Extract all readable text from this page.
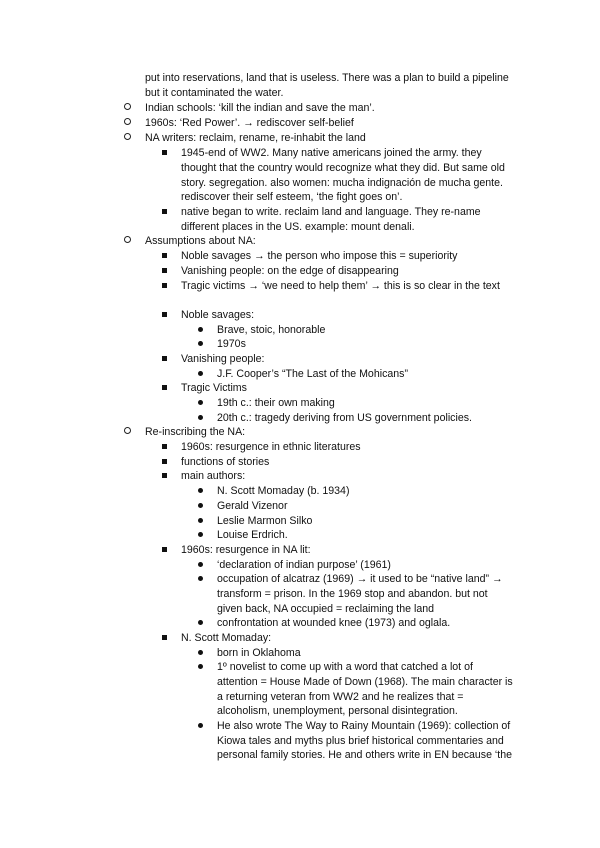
put into reservations, land that is useless. There was a plan to build a pipeline
but it contaminated the water.
Indian schools: ‘kill the indian and save the man’.
1960s: ‘Red Power’. → rediscover self-belief
NA writers: reclaim, rename, re-inhabit the land
1945-end of WW2. Many native americans joined the army. they
thought that the country would recognize what they did. But same old
story. segregation. also women: mucha indignación de mucha gente.
rediscover their self esteem, ‘the fight goes on’.
native began to write. reclaim land and language. They re-name
different places in the US. example: mount denali.
Assumptions about NA:
Noble savages → the person who impose this = superiority
Vanishing people: on the edge of disappearing
Tragic victims → ‘we need to help them’ → this is so clear in the text
Noble savages:
Brave, stoic, honorable
1970s
Vanishing people:
J.F. Cooper’s “The Last of the Mohicans”
Tragic Victims
19th c.: their own making
20th c.: tragedy deriving from US government policies.
Re-inscribing the NA:
1960s: resurgence in ethnic literatures
functions of stories
main authors:
N. Scott Momaday (b. 1934)
Gerald Vizenor
Leslie Marmon Silko
Louise Erdrich.
1960s: resurgence in NA lit:
‘declaration of indian purpose’ (1961)
occupation of alcatraz (1969) → it used to be “native land” →
transform = prison. In the 1969 stop and abandon. but not
given back, NA occupied = reclaiming the land
confrontation at wounded knee (1973) and oglala.
N. Scott Momaday:
born in Oklahoma
1º novelist to come up with a word that catched a lot of
attention = House Made of Down (1968). The main character is
a returning veteran from WW2 and he realizes that =
alcoholism, unemployment, personal disintegration.
He also wrote The Way to Rainy Mountain (1969): collection of
Kiowa tales and myths plus brief historical commentaries and
personal family stories. He and others write in EN because ‘the
